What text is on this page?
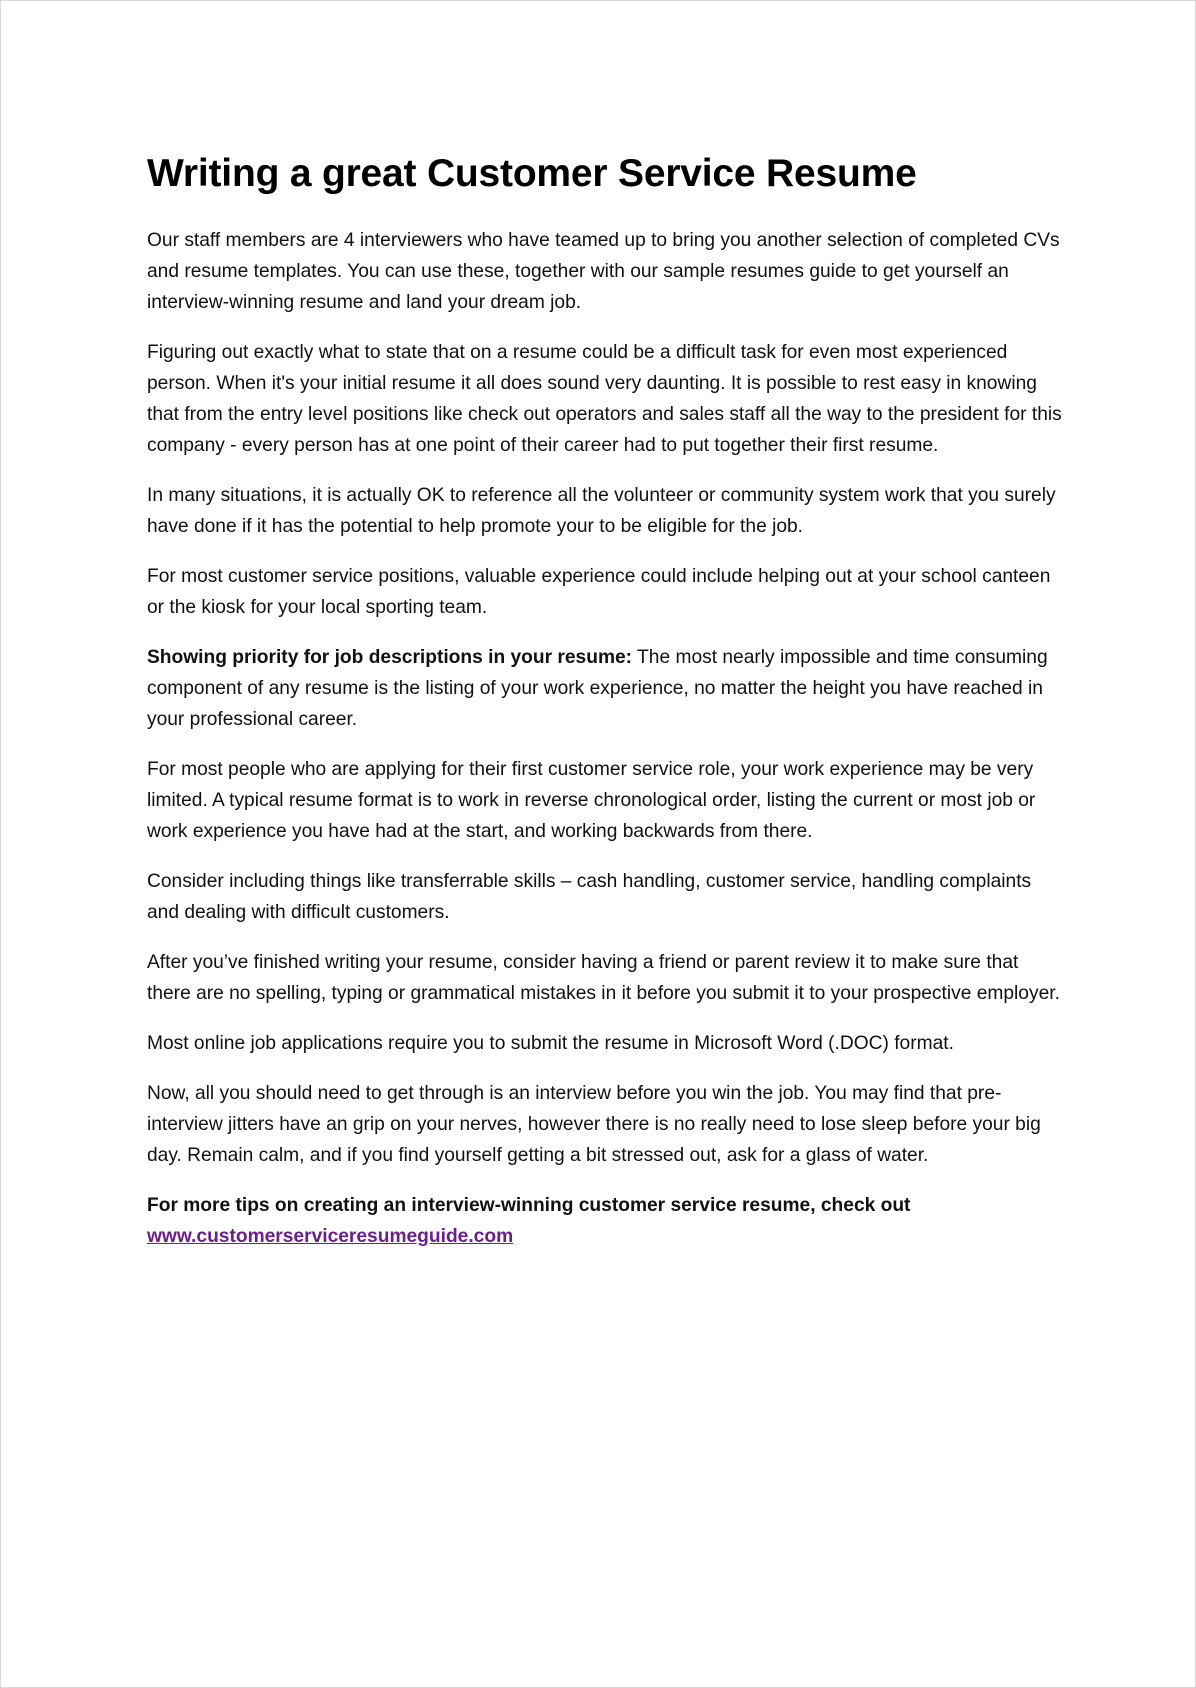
Writing a great Customer Service Resume

Our staff members are 4 interviewers who have teamed up to bring you another selection of completed CVs and resume templates. You can use these, together with our sample resumes guide to get yourself an interview-winning resume and land your dream job.

Figuring out exactly what to state that on a resume could be a difficult task for even most experienced person. When it's your initial resume it all does sound very daunting. It is possible to rest easy in knowing that from the entry level positions like check out operators and sales staff all the way to the president for this company - every person has at one point of their career had to put together their first resume.

In many situations, it is actually OK to reference all the volunteer or community system work that you surely have done if it has the potential to help promote your to be eligible for the job.

For most customer service positions, valuable experience could include helping out at your school canteen or the kiosk for your local sporting team.

Showing priority for job descriptions in your resume: The most nearly impossible and time consuming component of any resume is the listing of your work experience, no matter the height you have reached in your professional career.

For most people who are applying for their first customer service role, your work experience may be very limited. A typical resume format is to work in reverse chronological order, listing the current or most job or work experience you have had at the start, and working backwards from there.

Consider including things like transferrable skills – cash handling, customer service, handling complaints and dealing with difficult customers.

After you’ve finished writing your resume, consider having a friend or parent review it to make sure that there are no spelling, typing or grammatical mistakes in it before you submit it to your prospective employer.

Most online job applications require you to submit the resume in Microsoft Word (.DOC) format.

Now, all you should need to get through is an interview before you win the job. You may find that pre-interview jitters have an grip on your nerves, however there is no really need to lose sleep before your big day. Remain calm, and if you find yourself getting a bit stressed out, ask for a glass of water.

For more tips on creating an interview-winning customer service resume, check out
www.customerserviceresumeguide.com
